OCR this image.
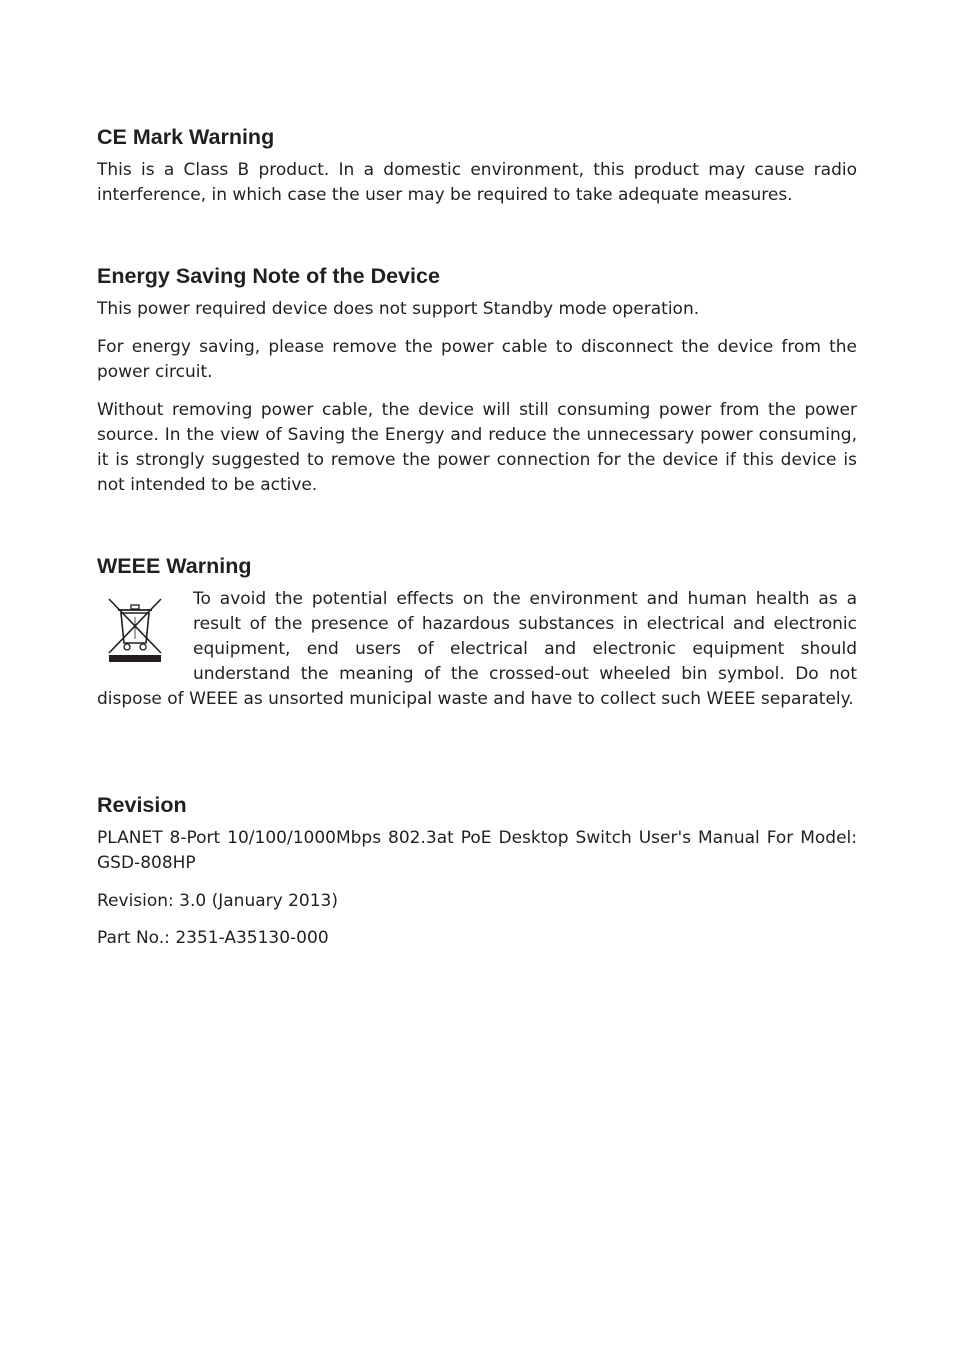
CE Mark Warning

This is a Class B product. In a domestic environment, this product may cause radio interference, in which case the user may be required to take adequate measures.

Energy Saving Note of the Device

This power required device does not support Standby mode operation.

For energy saving, please remove the power cable to disconnect the device from the power circuit.

Without removing power cable, the device will still consuming power from the power source. In the view of Saving the Energy and reduce the unnecessary power consuming, it is strongly suggested to remove the power connection for the device if this device is not intended to be active.

WEEE Warning

To avoid the potential effects on the environment and human health as a result of the presence of hazardous substances in electrical and electronic equipment, end users of electrical and electronic equipment should understand the meaning of the crossed-out wheeled bin symbol. Do not dispose of WEEE as unsorted municipal waste and have to collect such WEEE separately.

Revision

PLANET 8-Port 10/100/1000Mbps 802.3at PoE Desktop Switch User's Manual For Model: GSD-808HP

Revision: 3.0 (January 2013)

Part No.: 2351-A35130-000
